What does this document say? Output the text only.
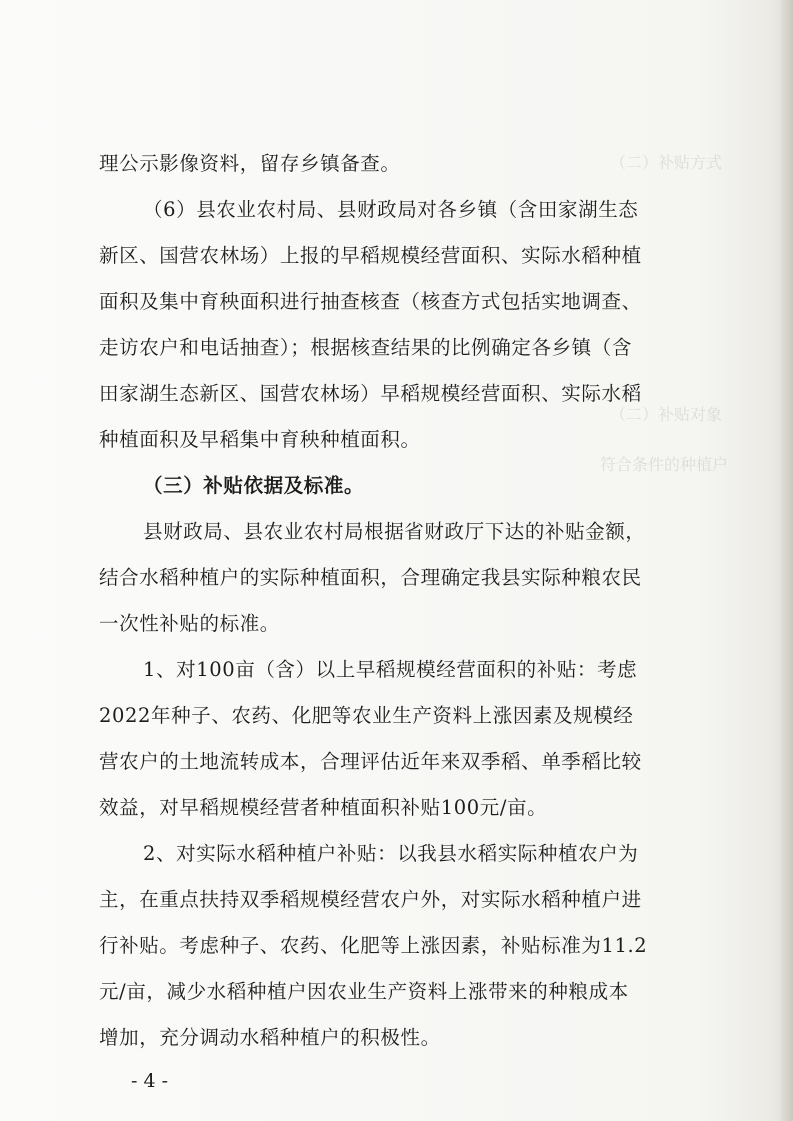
（二）补贴方式
（二）补贴对象
符合条件的种植户
理公示影像资料，留存乡镇备查。
（6）县农业农村局、县财政局对各乡镇（含田家湖生态
新区、国营农林场）上报的早稻规模经营面积、实际水稻种植
面积及集中育秧面积进行抽查核查（核查方式包括实地调查、
走访农户和电话抽查）；根据核查结果的比例确定各乡镇（含
田家湖生态新区、国营农林场）早稻规模经营面积、实际水稻
种植面积及早稻集中育秧种植面积。
（三）补贴依据及标准。
县财政局、县农业农村局根据省财政厅下达的补贴金额，
结合水稻种植户的实际种植面积，合理确定我县实际种粮农民
一次性补贴的标准。
1、对100亩（含）以上早稻规模经营面积的补贴：考虑
2022年种子、农药、化肥等农业生产资料上涨因素及规模经
营农户的土地流转成本，合理评估近年来双季稻、单季稻比较
效益，对早稻规模经营者种植面积补贴100元/亩。
2、对实际水稻种植户补贴：以我县水稻实际种植农户为
主，在重点扶持双季稻规模经营农户外，对实际水稻种植户进
行补贴。考虑种子、农药、化肥等上涨因素，补贴标准为11.2
元/亩，减少水稻种植户因农业生产资料上涨带来的种粮成本
增加，充分调动水稻种植户的积极性。
- 4 -
